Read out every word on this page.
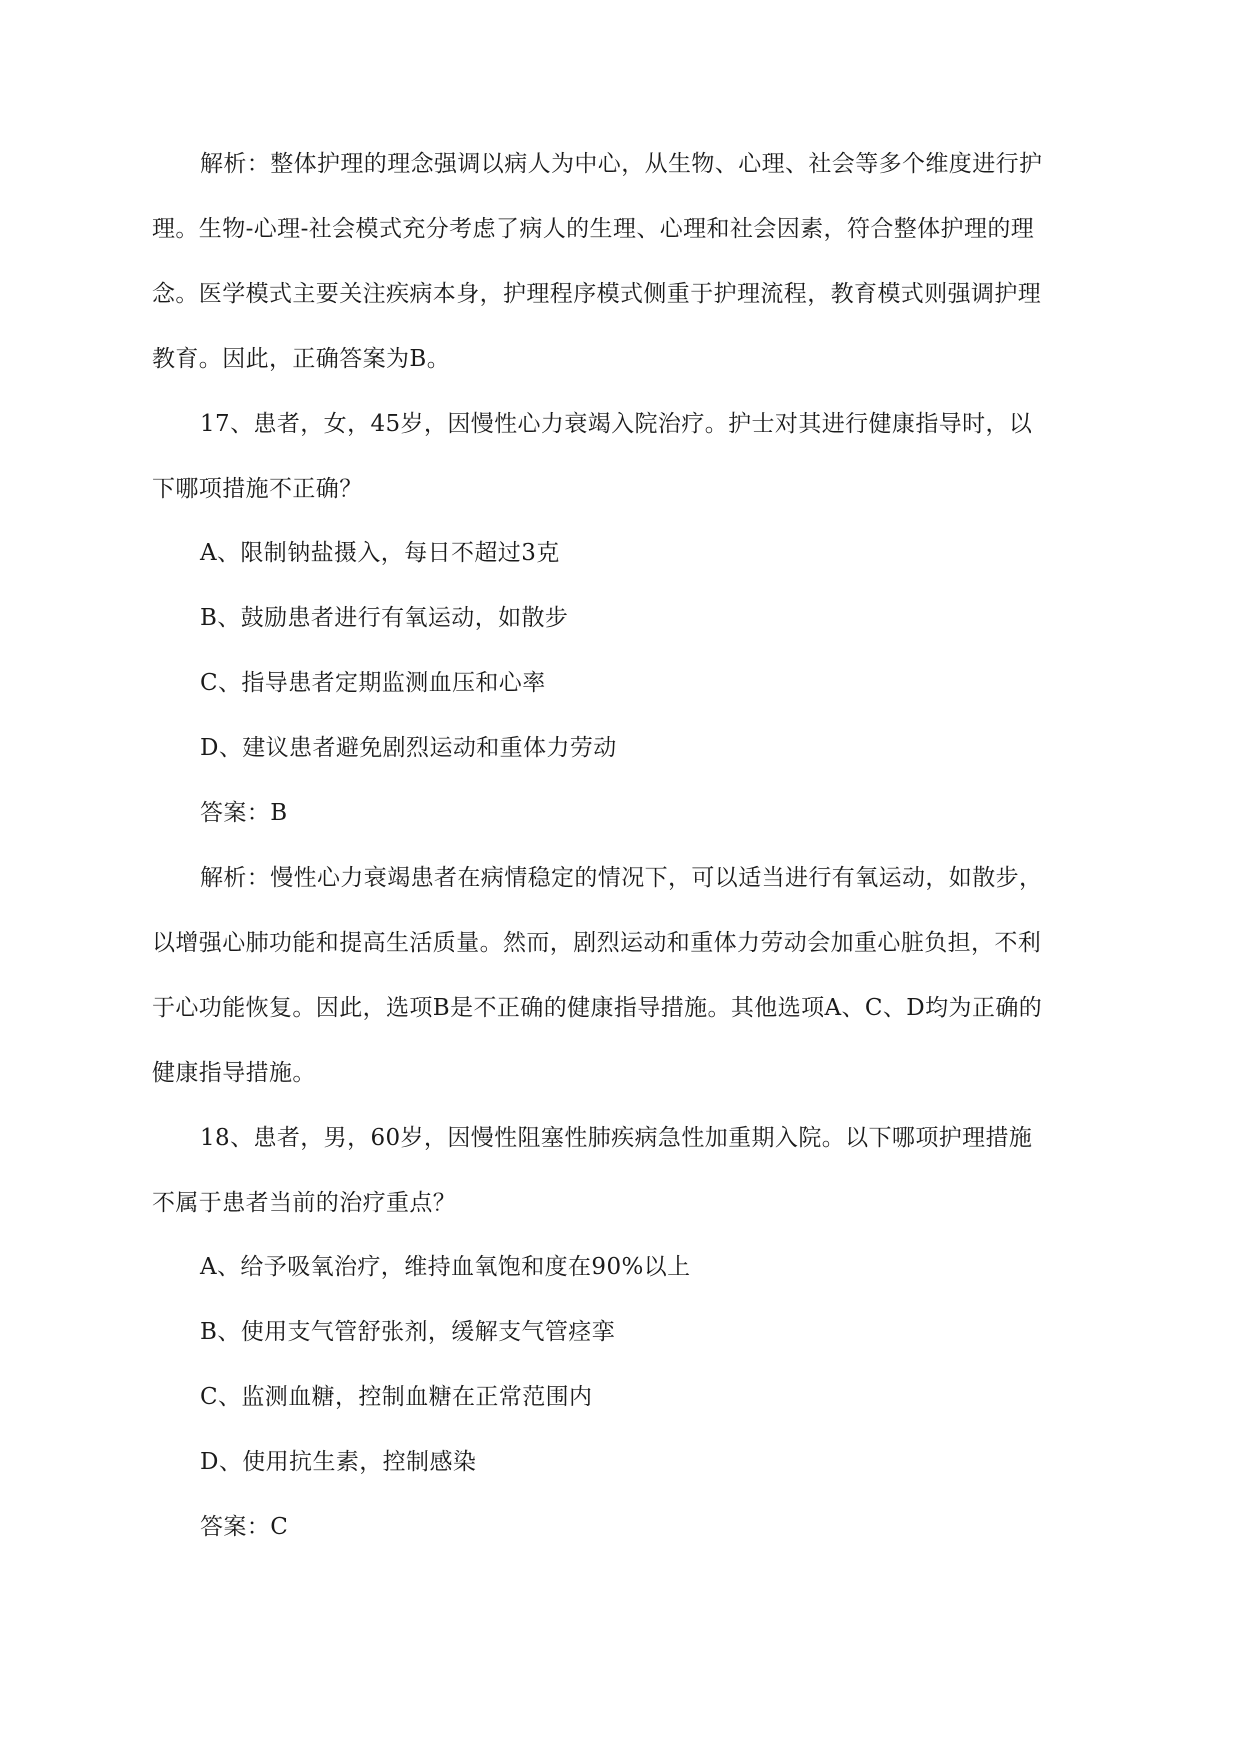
解析：整体护理的理念强调以病人为中心，从生物、心理、社会等多个维度进行护
理。生物-心理-社会模式充分考虑了病人的生理、心理和社会因素，符合整体护理的理
念。医学模式主要关注疾病本身，护理程序模式侧重于护理流程，教育模式则强调护理
教育。因此，正确答案为B。
17、患者，女，45岁，因慢性心力衰竭入院治疗。护士对其进行健康指导时，以
下哪项措施不正确？
A、限制钠盐摄入，每日不超过3克
B、鼓励患者进行有氧运动，如散步
C、指导患者定期监测血压和心率
D、建议患者避免剧烈运动和重体力劳动
答案：B
解析：慢性心力衰竭患者在病情稳定的情况下，可以适当进行有氧运动，如散步，
以增强心肺功能和提高生活质量。然而，剧烈运动和重体力劳动会加重心脏负担，不利
于心功能恢复。因此，选项B是不正确的健康指导措施。其他选项A、C、D均为正确的
健康指导措施。
18、患者，男，60岁，因慢性阻塞性肺疾病急性加重期入院。以下哪项护理措施
不属于患者当前的治疗重点？
A、给予吸氧治疗，维持血氧饱和度在90%以上
B、使用支气管舒张剂，缓解支气管痉挛
C、监测血糖，控制血糖在正常范围内
D、使用抗生素，控制感染
答案：C
